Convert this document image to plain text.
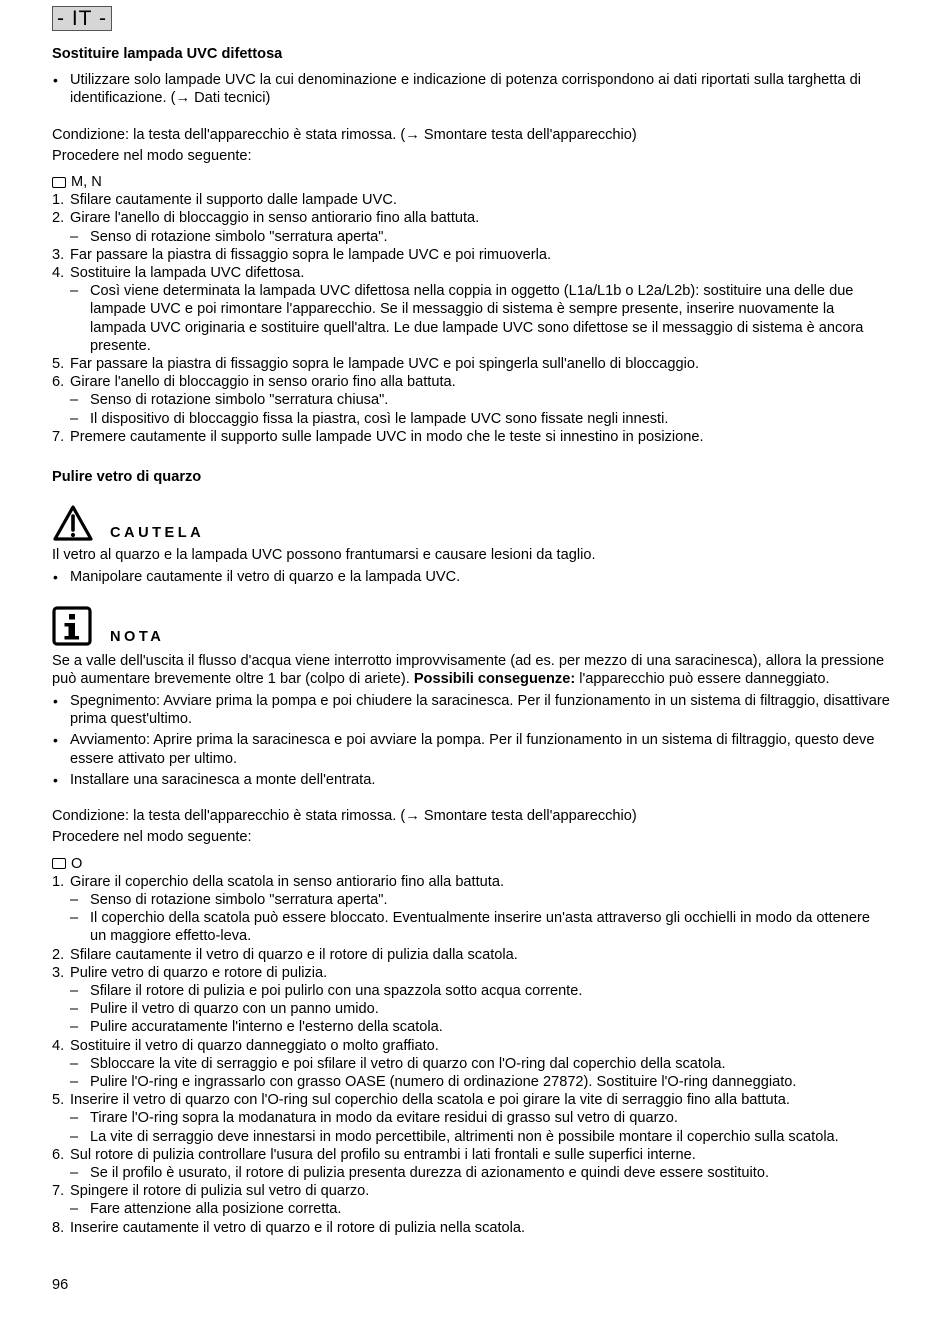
- IT -
Sostituire lampada UVC difettosa
• Utilizzare solo lampade UVC la cui denominazione e indicazione di potenza corrispondono ai dati riportati sulla targhetta di identificazione. (→ Dati tecnici)

Condizione: la testa dell'apparecchio è stata rimossa. (→ Smontare testa dell'apparecchio)

Procedere nel modo seguente:

M, N
1. Sfilare cautamente il supporto dalle lampade UVC.
2. Girare l'anello di bloccaggio in senso antiorario fino alla battuta.
– Senso di rotazione simbolo "serratura aperta".
3. Far passare la piastra di fissaggio sopra le lampade UVC e poi rimuoverla.
4. Sostituire la lampada UVC difettosa.
– Così viene determinata la lampada UVC difettosa nella coppia in oggetto (L1a/L1b o L2a/L2b): sostituire una delle due lampade UVC e poi rimontare l'apparecchio. Se il messaggio di sistema è sempre presente, inserire nuovamente la lampada UVC originaria e sostituire quell'altra. Le due lampade UVC sono difettose se il messaggio di sistema è ancora presente.
5. Far passare la piastra di fissaggio sopra le lampade UVC e poi spingerla sull'anello di bloccaggio.
6. Girare l'anello di bloccaggio in senso orario fino alla battuta.
– Senso di rotazione simbolo "serratura chiusa".
– Il dispositivo di bloccaggio fissa la piastra, così le lampade UVC sono fissate negli innesti.
7. Premere cautamente il supporto sulle lampade UVC in modo che le teste si innestino in posizione.
Pulire vetro di quarzo
CAUTELA

Il vetro al quarzo e la lampada UVC possono frantumarsi e causare lesioni da taglio.

• Manipolare cautamente il vetro di quarzo e la lampada UVC.
NOTA

Se a valle dell'uscita il flusso d'acqua viene interrotto improvvisamente (ad es. per mezzo di una saracinesca), allora la pressione può aumentare brevemente oltre 1 bar (colpo di ariete). Possibili conseguenze: l'apparecchio può essere danneggiato.

• Spegnimento: Avviare prima la pompa e poi chiudere la saracinesca. Per il funzionamento in un sistema di filtraggio, disattivare prima quest'ultimo.
• Avviamento: Aprire prima la saracinesca e poi avviare la pompa. Per il funzionamento in un sistema di filtraggio, questo deve essere attivato per ultimo.
• Installare una saracinesca a monte dell'entrata.

Condizione: la testa dell'apparecchio è stata rimossa. (→ Smontare testa dell'apparecchio)

Procedere nel modo seguente:

O
1. Girare il coperchio della scatola in senso antiorario fino alla battuta.
– Senso di rotazione simbolo "serratura aperta".
– Il coperchio della scatola può essere bloccato. Eventualmente inserire un'asta attraverso gli occhielli in modo da ottenere un maggiore effetto-leva.
2. Sfilare cautamente il vetro di quarzo e il rotore di pulizia dalla scatola.
3. Pulire vetro di quarzo e rotore di pulizia.
– Sfilare il rotore di pulizia e poi pulirlo con una spazzola sotto acqua corrente.
– Pulire il vetro di quarzo con un panno umido.
– Pulire accuratamente l'interno e l'esterno della scatola.
4. Sostituire il vetro di quarzo danneggiato o molto graffiato.
– Sbloccare la vite di serraggio e poi sfilare il vetro di quarzo con l'O-ring dal coperchio della scatola.
– Pulire l'O-ring e ingrassarlo con grasso OASE (numero di ordinazione 27872). Sostituire l'O-ring danneggiato.
5. Inserire il vetro di quarzo con l'O-ring sul coperchio della scatola e poi girare la vite di serraggio fino alla battuta.
– Tirare l'O-ring sopra la modanatura in modo da evitare residui di grasso sul vetro di quarzo.
– La vite di serraggio deve innestarsi in modo percettibile, altrimenti non è possibile montare il coperchio sulla scatola.
6. Sul rotore di pulizia controllare l'usura del profilo su entrambi i lati frontali e sulle superfici interne.
– Se il profilo è usurato, il rotore di pulizia presenta durezza di azionamento e quindi deve essere sostituito.
7. Spingere il rotore di pulizia sul vetro di quarzo.
– Fare attenzione alla posizione corretta.
8. Inserire cautamente il vetro di quarzo e il rotore di pulizia nella scatola.
96
